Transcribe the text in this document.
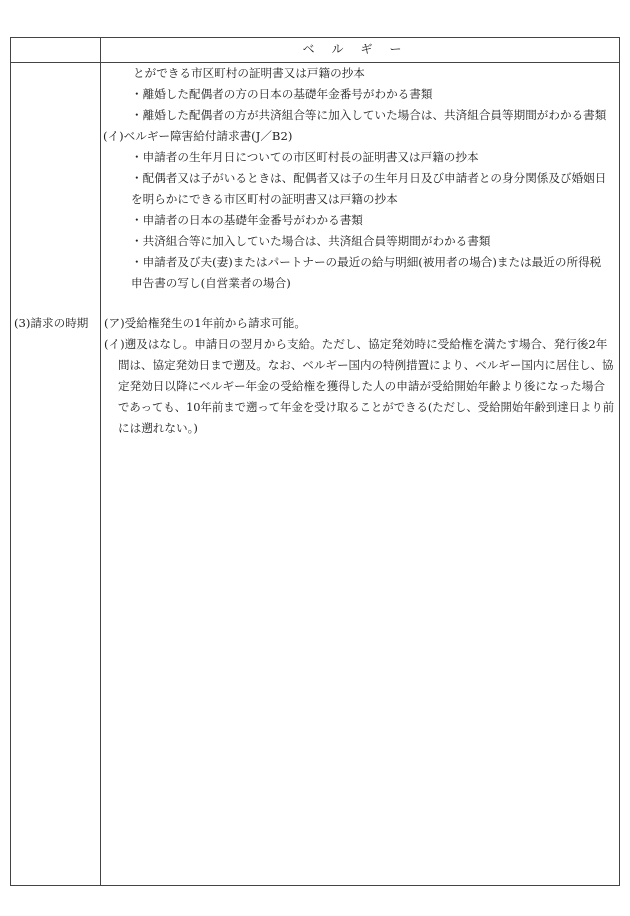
ベルギー
とができる市区町村の証明書又は戸籍の抄本
・離婚した配偶者の方の日本の基礎年金番号がわかる書類
・離婚した配偶者の方が共済組合等に加入していた場合は、共済組合員等期間がわかる書類
(イ)ベルギー障害給付請求書(J／B2)
・申請者の生年月日についての市区町村長の証明書又は戸籍の抄本
・配偶者又は子がいるときは、配偶者又は子の生年月日及び申請者との身分関係及び婚姻日
を明らかにできる市区町村の証明書又は戸籍の抄本
・申請者の日本の基礎年金番号がわかる書類
・共済組合等に加入していた場合は、共済組合員等期間がわかる書類
・申請者及び夫(妻)またはパートナーの最近の給与明細(被用者の場合)または最近の所得税
申告書の写し(自営業者の場合)
(3)請求の時期 (ア)受給権発生の1年前から請求可能。
(イ)遡及はなし。申請日の翌月から支給。ただし、協定発効時に受給権を満たす場合、発行後2年
間は、協定発効日まで遡及。なお、ベルギー国内の特例措置により、ベルギー国内に居住し、協
定発効日以降にベルギー年金の受給権を獲得した人の申請が受給開始年齢より後になった場合
であっても、10年前まで遡って年金を受け取ることができる(ただし、受給開始年齢到達日より前
には遡れない。)
